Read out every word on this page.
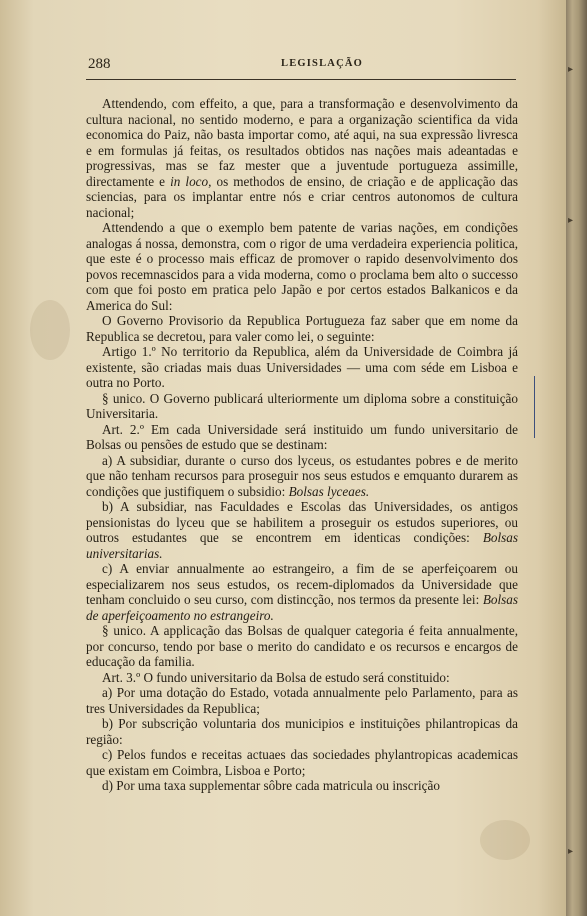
▸
▸
▸
288	LEGISLAÇÃO

Attendendo, com effeito, a que, para a transformação e desenvolvimento da cultura nacional, no sentido moderno, e para a organização scientifica da vida economica do Paiz, não basta importar como, até aqui, na sua expressão livresca e em formulas já feitas, os resultados obtidos nas nações mais adeantadas e progressivas, mas se faz mester que a juventude portugueza assimille, directamente e in loco, os methodos de ensino, de criação e de applicação das sciencias, para os implantar entre nós e criar centros autonomos de cultura nacional;

Attendendo a que o exemplo bem patente de varias nações, em condições analogas á nossa, demonstra, com o rigor de uma verdadeira experiencia politica, que este é o processo mais efficaz de promover o rapido desenvolvimento dos povos recemnascidos para a vida moderna, como o proclama bem alto o successo com que foi posto em pratica pelo Japão e por certos estados Balkanicos e da America do Sul:

O Governo Provisorio da Republica Portugueza faz saber que em nome da Republica se decretou, para valer como lei, o seguinte:

Artigo 1.º No territorio da Republica, além da Universidade de Coimbra já existente, são criadas mais duas Universidades — uma com séde em Lisboa e outra no Porto.

§ unico. O Governo publicará ulteriormente um diploma sobre a constituição Universitaria.

Art. 2.º Em cada Universidade será instituido um fundo universitario de Bolsas ou pensões de estudo que se destinam:

a) A subsidiar, durante o curso dos lyceus, os estudantes pobres e de merito que não tenham recursos para proseguir nos seus estudos e emquanto durarem as condições que justifiquem o subsidio: Bolsas lyceaes.

b) A subsidiar, nas Faculdades e Escolas das Universidades, os antigos pensionistas do lyceu que se habilitem a proseguir os estudos superiores, ou outros estudantes que se encontrem em identicas condições: Bolsas universitarias.

c) A enviar annualmente ao estrangeiro, a fim de se aperfeiçoarem ou especializarem nos seus estudos, os recem-diplomados da Universidade que tenham concluido o seu curso, com distincção, nos termos da presente lei: Bolsas de aperfeiçoamento no estrangeiro.

§ unico. A applicação das Bolsas de qualquer categoria é feita annualmente, por concurso, tendo por base o merito do candidato e os recursos e encargos de educação da familia.

Art. 3.º O fundo universitario da Bolsa de estudo será constituido:

a) Por uma dotação do Estado, votada annualmente pelo Parlamento, para as tres Universidades da Republica;

b) Por subscrição voluntaria dos municipios e instituições philantropicas da região:

c) Pelos fundos e receitas actuaes das sociedades phylantropicas academicas que existam em Coimbra, Lisboa e Porto;

d) Por uma taxa supplementar sôbre cada matricula ou inscrição
